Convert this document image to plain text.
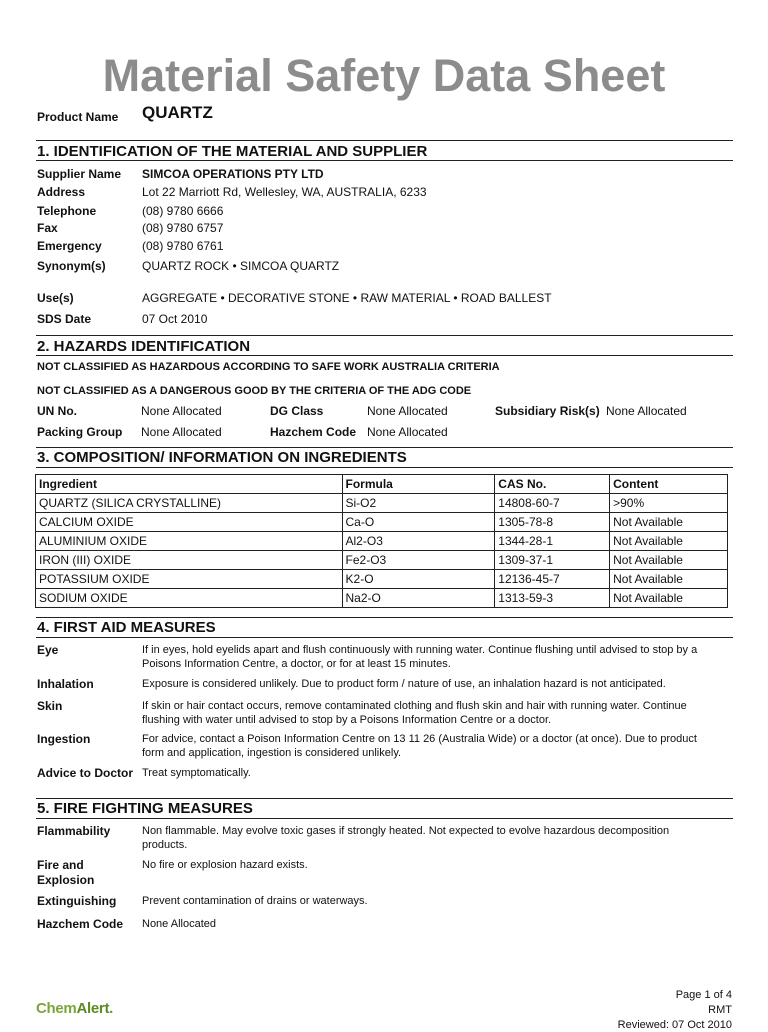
Material Safety Data Sheet
Product Name QUARTZ
1. IDENTIFICATION OF THE MATERIAL AND SUPPLIER
Supplier Name SIMCOA OPERATIONS PTY LTD
Address	Lot 22 Marriott Rd, Wellesley, WA, AUSTRALIA, 6233
Telephone	(08) 9780 6666
Fax	(08) 9780 6757
Emergency	(08) 9780 6761
Synonym(s)	QUARTZ ROCK • SIMCOA QUARTZ
Use(s)	AGGREGATE • DECORATIVE STONE • RAW MATERIAL • ROAD BALLEST
SDS Date	07 Oct 2010
2. HAZARDS IDENTIFICATION
NOT CLASSIFIED AS HAZARDOUS ACCORDING TO SAFE WORK AUSTRALIA CRITERIA
NOT CLASSIFIED AS A DANGEROUS GOOD BY THE CRITERIA OF THE ADG CODE
UN No.	None Allocated	DG Class	None Allocated	Subsidiary Risk(s) None Allocated
Packing Group None Allocated	Hazchem Code None Allocated
3. COMPOSITION/ INFORMATION ON INGREDIENTS
Ingredient	Formula	CAS No.	Content
QUARTZ (SILICA CRYSTALLINE)	Si-O2	14808-60-7	>90%
CALCIUM OXIDE	Ca-O	1305-78-8	Not Available
ALUMINIUM OXIDE	Al2-O3	1344-28-1	Not Available
IRON (III) OXIDE	Fe2-O3	1309-37-1	Not Available
POTASSIUM OXIDE	K2-O	12136-45-7	Not Available
SODIUM OXIDE	Na2-O	1313-59-3	Not Available
4. FIRST AID MEASURES
Eye	If in eyes, hold eyelids apart and flush continuously with running water. Continue flushing until advised to stop by a
Poisons Information Centre, a doctor, or for at least 15 minutes.
Inhalation	Exposure is considered unlikely. Due to product form / nature of use, an inhalation hazard is not anticipated.
Skin	If skin or hair contact occurs, remove contaminated clothing and flush skin and hair with running water. Continue
flushing with water until advised to stop by a Poisons Information Centre or a doctor.
Ingestion	For advice, contact a Poison Information Centre on 13 11 26 (Australia Wide) or a doctor (at once). Due to product
form and application, ingestion is considered unlikely.
Advice to Doctor Treat symptomatically.
5. FIRE FIGHTING MEASURES
Flammability	Non flammable. May evolve toxic gases if strongly heated. Not expected to evolve hazardous decomposition
products.
Fire and
Explosion
No fire or explosion hazard exists.
Extinguishing Prevent contamination of drains or waterways.
Hazchem Code None Allocated
ChemAlert.
Page 1 of 4
RMT
Reviewed: 07 Oct 2010
